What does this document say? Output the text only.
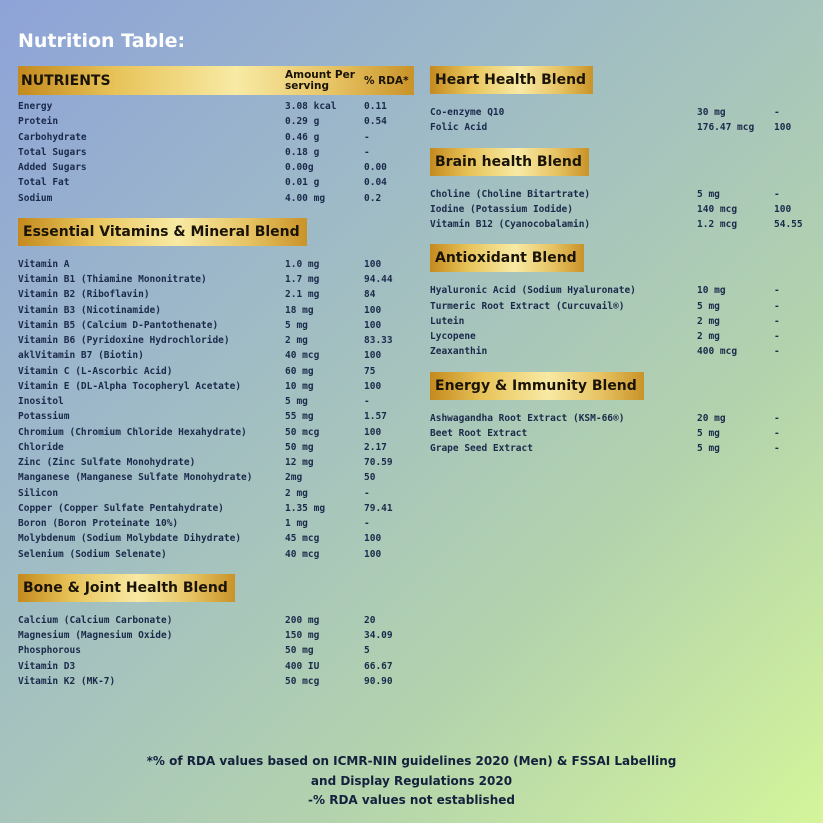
Nutrition Table:
NUTRIENTS	Amount Per serving	% RDA*
Energy	3.08 kcal	0.11
Protein	0.29 g	0.54
Carbohydrate	0.46 g	-
Total Sugars	0.18 g	-
Added Sugars	0.00g	0.00
Total Fat	0.01 g	0.04
Sodium	4.00 mg	0.2
Essential Vitamins & Mineral Blend
Vitamin A	1.0 mg	100
Vitamin B1 (Thiamine Mononitrate)	1.7 mg	94.44
Vitamin B2 (Riboflavin)	2.1 mg	84
Vitamin B3 (Nicotinamide)	18 mg	100
Vitamin B5 (Calcium D-Pantothenate)	5 mg	100
Vitamin B6 (Pyridoxine Hydrochloride)	2 mg	83.33
aklVitamin B7 (Biotin)	40 mcg	100
Vitamin C (L-Ascorbic Acid)	60 mg	75
Vitamin E (DL-Alpha Tocopheryl Acetate)	10 mg	100
Inositol	5 mg	-
Potassium	55 mg	1.57
Chromium (Chromium Chloride Hexahydrate)	50 mcg	100
Chloride	50 mg	2.17
Zinc (Zinc Sulfate Monohydrate)	12 mg	70.59
Manganese (Manganese Sulfate Monohydrate)	2mg	50
Silicon	2 mg	-
Copper (Copper Sulfate Pentahydrate)	1.35 mg	79.41
Boron (Boron Proteinate 10%)	1 mg	-
Molybdenum (Sodium Molybdate Dihydrate)	45 mcg	100
Selenium (Sodium Selenate)	40 mcg	100
Bone & Joint Health Blend
Calcium (Calcium Carbonate)	200 mg	20
Magnesium (Magnesium Oxide)	150 mg	34.09
Phosphorous	50 mg	5
Vitamin D3	400 IU	66.67
Vitamin K2 (MK-7)	50 mcg	90.90
Heart Health Blend
Co-enzyme Q10	30 mg	-
Folic Acid	176.47 mcg	100
Brain health Blend
Choline (Choline Bitartrate)	5 mg	-
Iodine (Potassium Iodide)	140 mcg	100
Vitamin B12 (Cyanocobalamin)	1.2 mcg	54.55
Antioxidant Blend
Hyaluronic Acid (Sodium Hyaluronate)	10 mg	-
Turmeric Root Extract (Curcuvail®)	5 mg	-
Lutein	2 mg	-
Lycopene	2 mg	-
Zeaxanthin	400 mcg	-
Energy & Immunity Blend
Ashwagandha Root Extract (KSM-66®)	20 mg	-
Beet Root Extract	5 mg	-
Grape Seed Extract	5 mg	-
*% of RDA values based on ICMR-NIN guidelines 2020 (Men) & FSSAI Labelling
and Display Regulations 2020
-% RDA values not established
